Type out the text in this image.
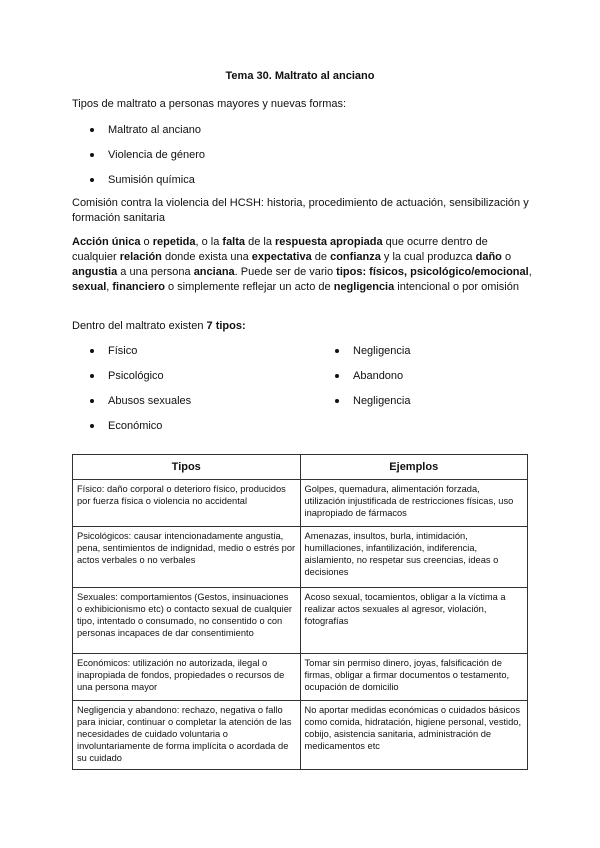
Tema 30. Maltrato al anciano
Tipos de maltrato a personas mayores y nuevas formas:
Maltrato al anciano
Violencia de género
Sumisión química
Comisión contra la violencia del HCSH: historia, procedimiento de actuación, sensibilización y formación sanitaria
Acción única o repetida, o la falta de la respuesta apropiada que ocurre dentro de cualquier relación donde exista una expectativa de confianza y la cual produzca daño o angustia a una persona anciana. Puede ser de vario tipos: físicos, psicológico/emocional, sexual, financiero o simplemente reflejar un acto de negligencia intencional o por omisión
Dentro del maltrato existen 7 tipos:
Físico
Psicológico
Abusos sexuales
Económico
Negligencia
Abandono
Negligencia
Tipos	Ejemplos
Físico: daño corporal o deterioro físico, producidos por fuerza física o violencia no accidental	Golpes, quemadura, alimentación forzada, utilización injustificada de restricciones físicas, uso inapropiado de fármacos
Psicológicos: causar intencionadamente angustia, pena, sentimientos de indignidad, medio o estrés por actos verbales o no verbales	Amenazas, insultos, burla, intimidación, humillaciones, infantilización, indiferencia, aislamiento, no respetar sus creencias, ideas o decisiones
Sexuales: comportamientos (Gestos, insinuaciones o exhibicionismo etc) o contacto sexual de cualquier tipo, intentado o consumado, no consentido o con personas incapaces de dar consentimiento	Acoso sexual, tocamientos, obligar a la víctima a realizar actos sexuales al agresor, violación, fotografías
Económicos: utilización no autorizada, ilegal o inapropiada de fondos, propiedades o recursos de una persona mayor	Tomar sin permiso dinero, joyas, falsificación de firmas, obligar a firmar documentos o testamento, ocupación de domicilio
Negligencia y abandono: rechazo, negativa o fallo para iniciar, continuar o completar la atención de las necesidades de cuidado voluntaria o involuntariamente de forma implícita o acordada de su cuidado	No aportar medidas económicas o cuidados básicos como comida, hidratación, higiene personal, vestido, cobijo, asistencia sanitaria, administración de medicamentos etc
